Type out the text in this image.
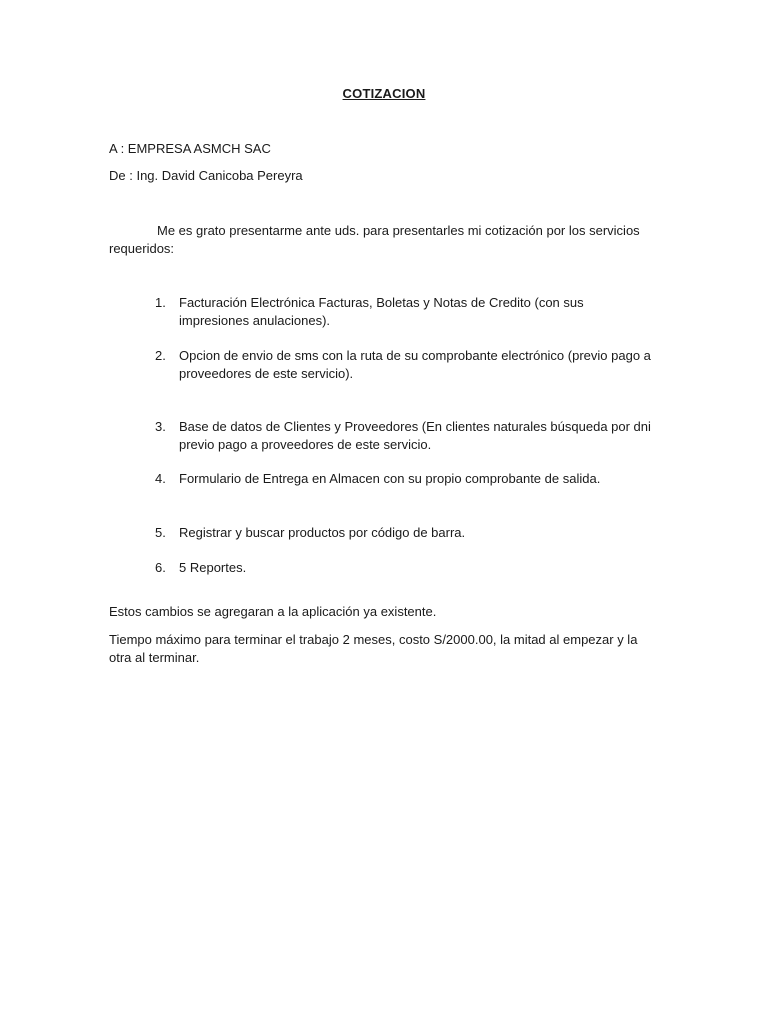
COTIZACION
A : EMPRESA ASMCH SAC
De : Ing. David Canicoba Pereyra
Me es grato presentarme ante uds. para presentarles mi cotización por los servicios requeridos:
1. Facturación Electrónica Facturas, Boletas y Notas de Credito (con sus impresiones anulaciones).
2. Opcion de envio de sms con la ruta de su comprobante electrónico (previo pago a proveedores de este servicio).
3. Base de datos de Clientes y Proveedores (En clientes naturales búsqueda por dni previo pago a proveedores de este servicio.
4. Formulario de Entrega en Almacen con su propio comprobante de salida.
5. Registrar y buscar productos por código de barra.
6. 5 Reportes.
Estos cambios se agregaran a la aplicación ya existente.
Tiempo máximo para terminar el trabajo 2 meses, costo S/2000.00, la mitad al empezar y la otra al terminar.
